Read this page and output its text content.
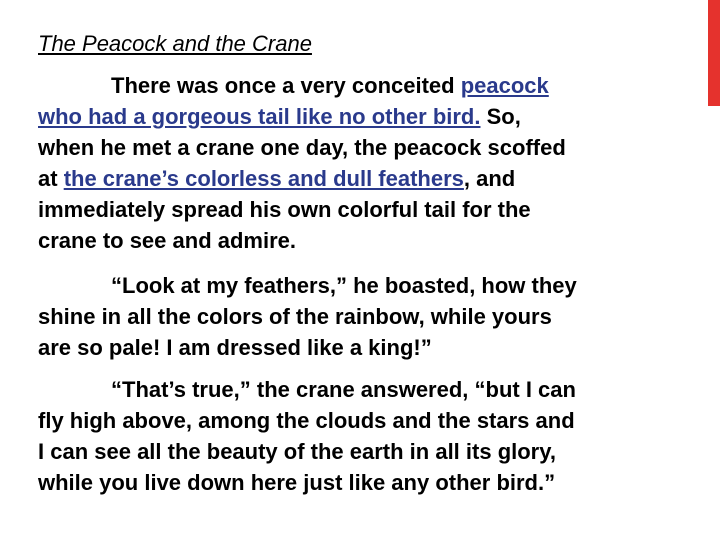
The Peacock and the Crane
There was once a very conceited peacock
who had a gorgeous tail like no other bird. So,
when he met a crane one day, the peacock scoffed
at the crane’s colorless and dull feathers, and
immediately spread his own colorful tail for the
crane to see and admire.
“Look at my feathers,” he boasted, how they
shine in all the colors of the rainbow, while yours
are so pale! I am dressed like a king!”
“That’s true,” the crane answered, “but I can
fly high above, among the clouds and the stars and
I can see all the beauty of the earth in all its glory,
while you live down here just like any other bird.”
